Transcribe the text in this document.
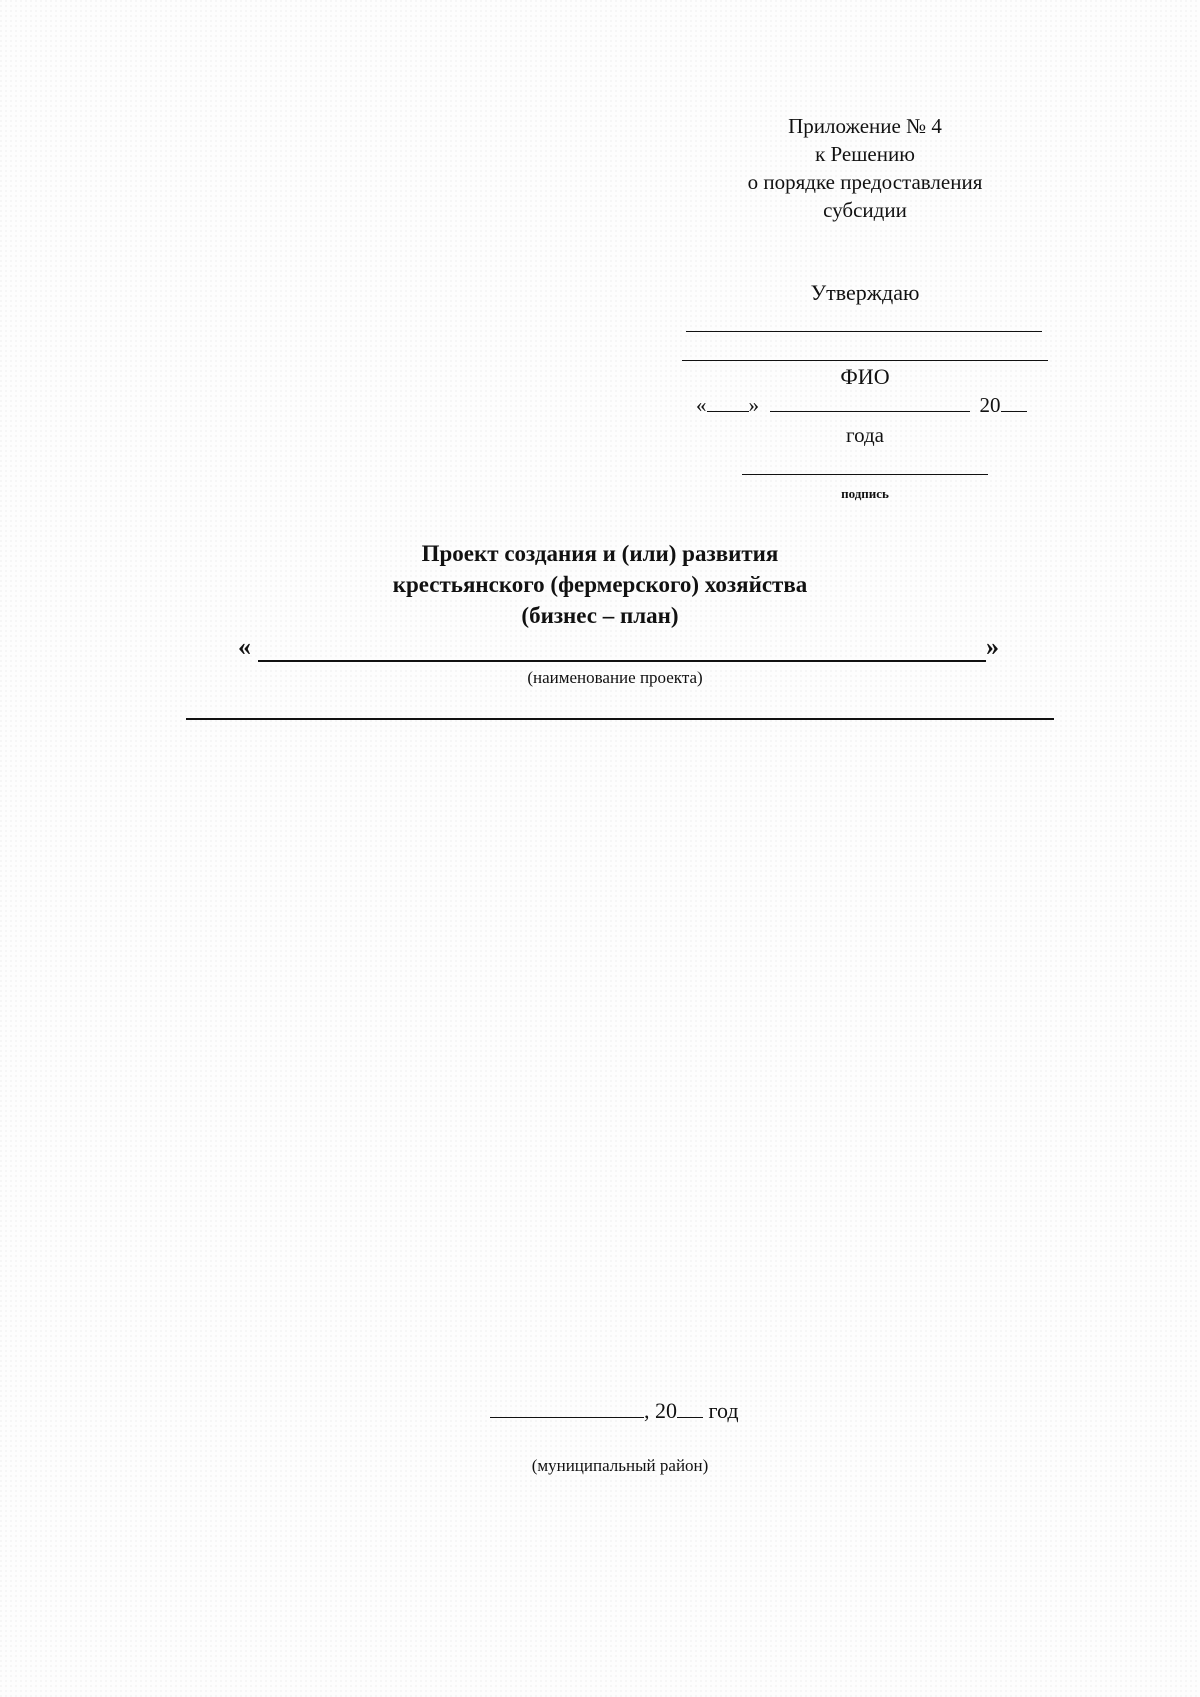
Приложение № 4
к Решению
о порядке предоставления
субсидии
Утверждаю
ФИО
« »	20
года
подпись
Проект создания и (или) развития
крестьянского (фермерского) хозяйства
(бизнес – план)
«	»
(наименование проекта)
, 20 год
(муниципальный район)
